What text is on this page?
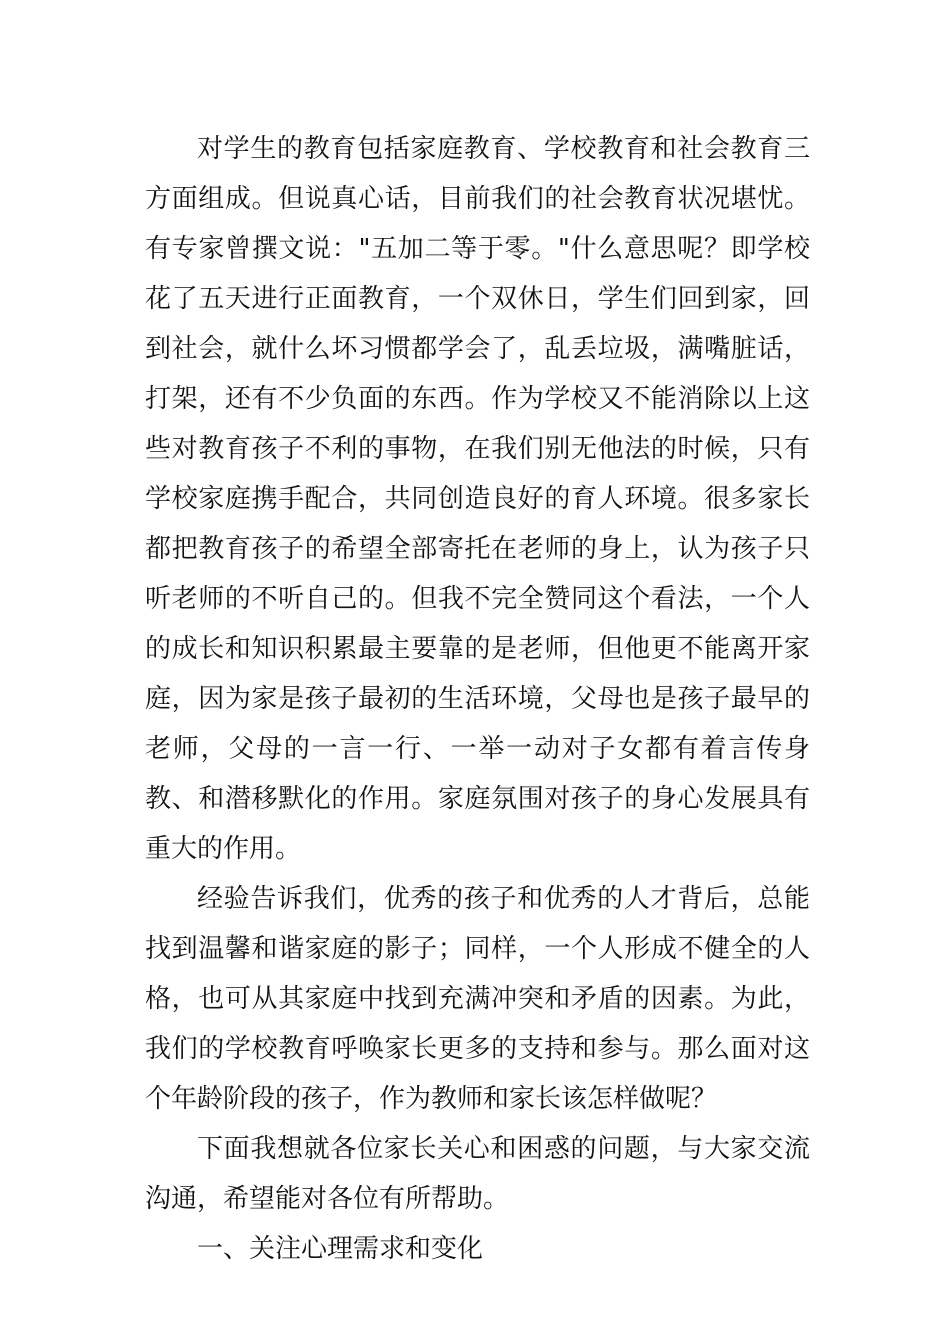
对学生的教育包括家庭教育、学校教育和社会教育三方面组成。但说真心话，目前我们的社会教育状况堪忧。有专家曾撰文说："五加二等于零。"什么意思呢？即学校花了五天进行正面教育，一个双休日，学生们回到家，回到社会，就什么坏习惯都学会了，乱丢垃圾，满嘴脏话，打架，还有不少负面的东西。作为学校又不能消除以上这些对教育孩子不利的事物，在我们别无他法的时候，只有学校家庭携手配合，共同创造良好的育人环境。很多家长都把教育孩子的希望全部寄托在老师的身上，认为孩子只听老师的不听自己的。但我不完全赞同这个看法，一个人的成长和知识积累最主要靠的是老师，但他更不能离开家庭，因为家是孩子最初的生活环境，父母也是孩子最早的老师，父母的一言一行、一举一动对子女都有着言传身教、和潜移默化的作用。家庭氛围对孩子的身心发展具有重大的作用。

经验告诉我们，优秀的孩子和优秀的人才背后，总能找到温馨和谐家庭的影子；同样，一个人形成不健全的人格，也可从其家庭中找到充满冲突和矛盾的因素。为此，我们的学校教育呼唤家长更多的支持和参与。那么面对这个年龄阶段的孩子，作为教师和家长该怎样做呢？

下面我想就各位家长关心和困惑的问题，与大家交流沟通，希望能对各位有所帮助。

一、关注心理需求和变化
